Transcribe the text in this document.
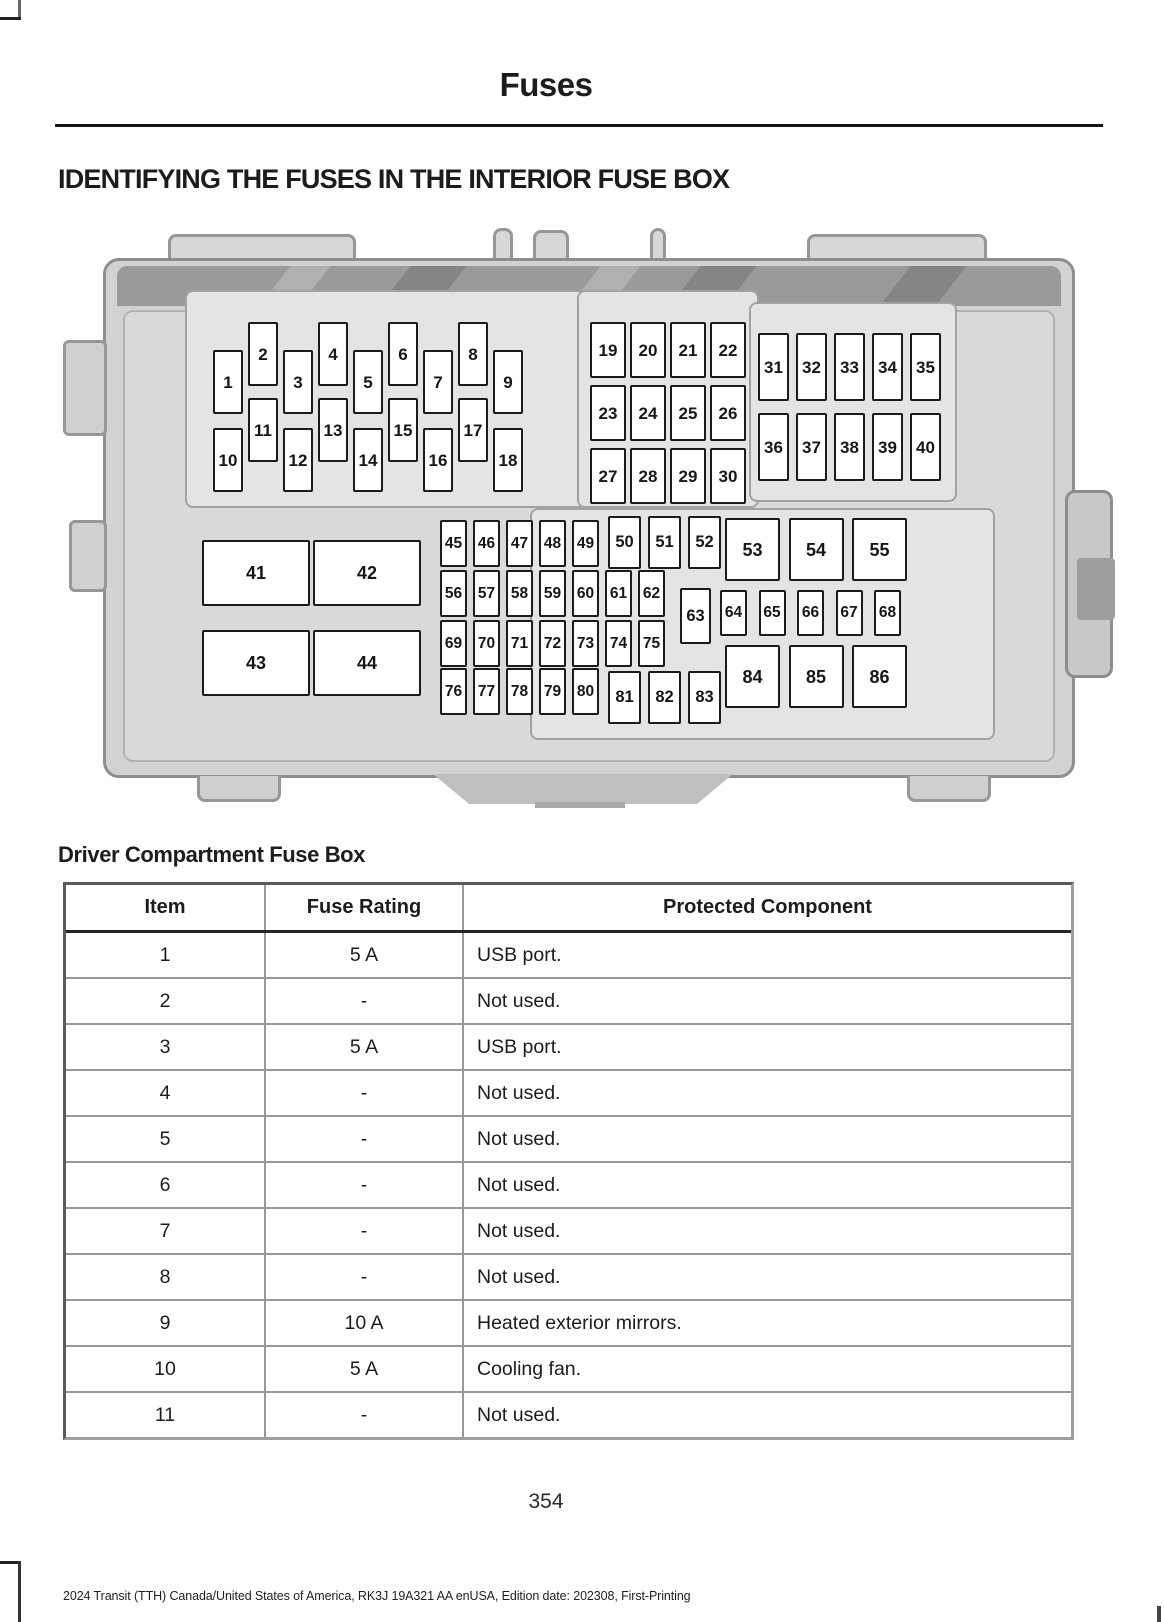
Fuses
IDENTIFYING THE FUSES IN THE INTERIOR FUSE BOX
1
2
3
4
5
6
7
8
9
10
11
12
13
14
15
16
17
18
19	20	21	22
23	24	25	26
27	28	29	30
31	32	33	34	35
36	37	38	39	40
41	42
43	44
45	46	47	48	49	50	51	52
56	57	58	59	60	61	62
69	70	71	72	73	74	75
76	77	78	79	80	81	82	83
53	54	55
63	64	65	66	67	68
84	85	86
Driver Compartment Fuse Box
Item	Fuse Rating	Protected Component
1	5 A	USB port.
2	-	Not used.
3	5 A	USB port.
4	-	Not used.
5	-	Not used.
6	-	Not used.
7	-	Not used.
8	-	Not used.
9	10 A	Heated exterior mirrors.
10	5 A	Cooling fan.
11	-	Not used.
354
2024 Transit (TTH) Canada/United States of America, RK3J 19A321 AA enUSA, Edition date: 202308, First-Printing
